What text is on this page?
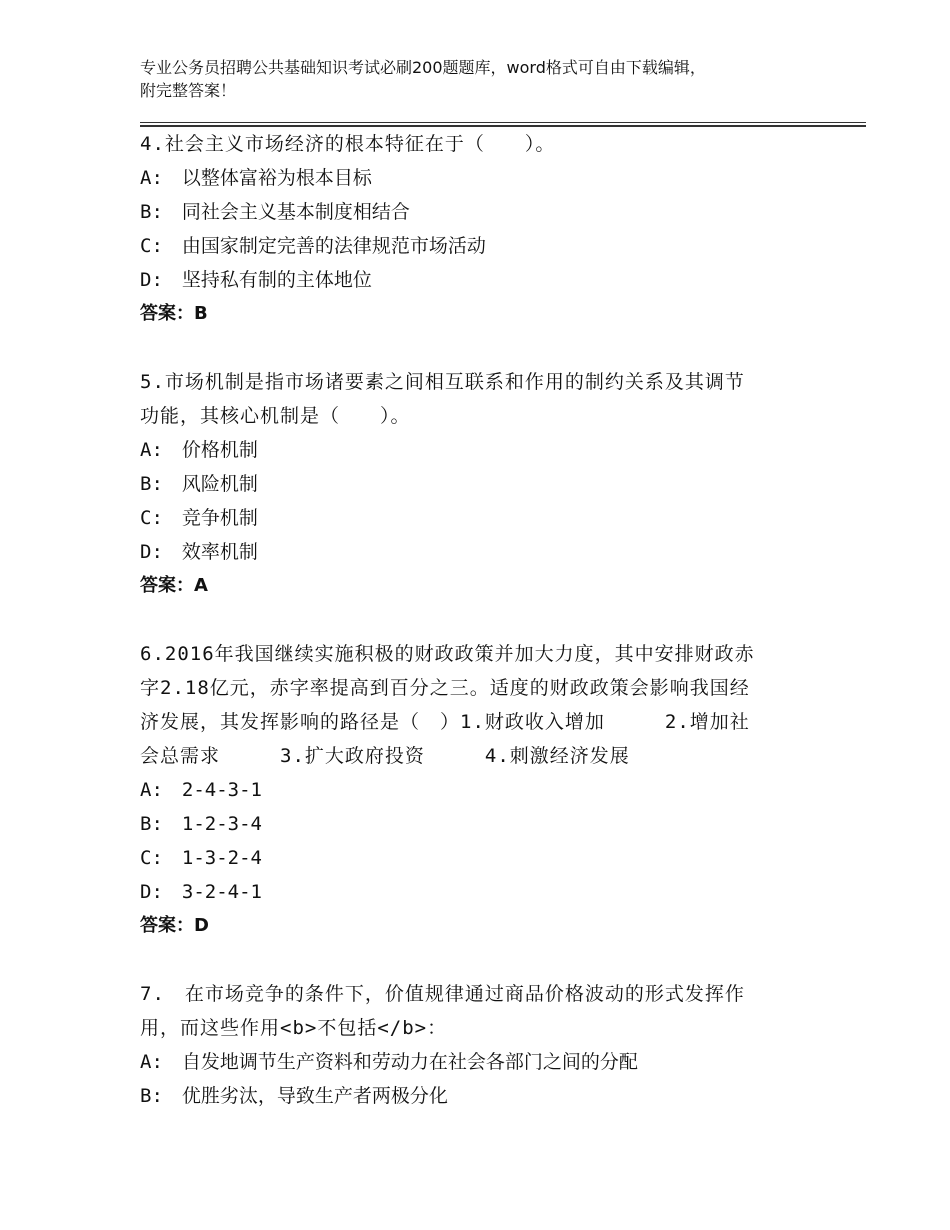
专业公务员招聘公共基础知识考试必刷200题题库，word格式可自由下载编辑，
附完整答案！
4.社会主义市场经济的根本特征在于（　　）。
A:　以整体富裕为根本目标
B:　同社会主义基本制度相结合
C:　由国家制定完善的法律规范市场活动
D:　坚持私有制的主体地位
答案：B
5.市场机制是指市场诸要素之间相互联系和作用的制约关系及其调节
功能，其核心机制是（　　）。
A:　价格机制
B:　风险机制
C:　竞争机制
D:　效率机制
答案：A
6.2016年我国继续实施积极的财政政策并加大力度，其中安排财政赤
字2.18亿元，赤字率提高到百分之三。适度的财政政策会影响我国经
济发展，其发挥影响的路径是（　）1.财政收入增加　　　2.增加社
会总需求　　　3.扩大政府投资　　　4.刺激经济发展
A:　2-4-3-1
B:　1-2-3-4
C:　1-3-2-4
D:　3-2-4-1
答案：D
7.　在市场竞争的条件下，价值规律通过商品价格波动的形式发挥作
用，而这些作用<b>不包括</b>：
A:　自发地调节生产资料和劳动力在社会各部门之间的分配
B:　优胜劣汰，导致生产者两极分化
